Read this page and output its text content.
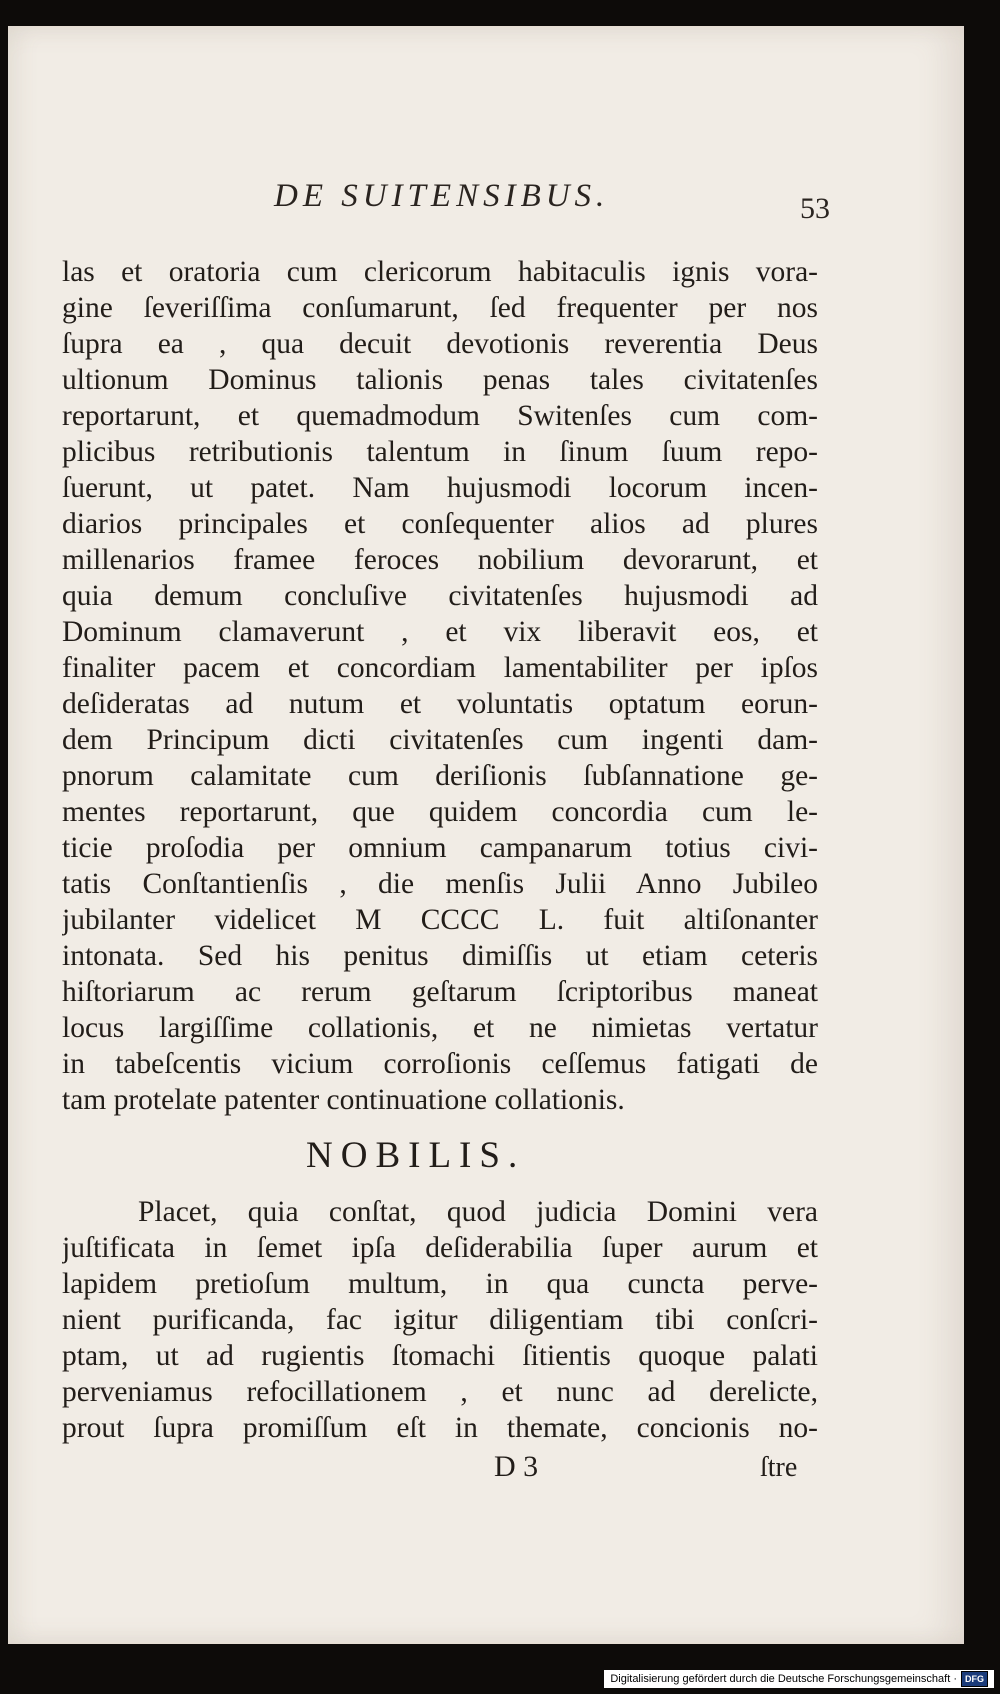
DE SUITENSIBUS.	53
las et oratoria cum clericorum habitaculis ignis vora-
gine ſeveriſſima conſumarunt, ſed frequenter per nos
ſupra ea , qua decuit devotionis reverentia Deus
ultionum Dominus talionis penas tales civitatenſes
reportarunt, et quemadmodum Switenſes cum com-
plicibus retributionis talentum in ſinum ſuum repo-
ſuerunt, ut patet. Nam hujusmodi locorum incen-
diarios principales et conſequenter alios ad plures
millenarios framee feroces nobilium devorarunt, et
quia demum concluſive civitatenſes hujusmodi ad
Dominum clamaverunt , et vix liberavit eos, et
finaliter pacem et concordiam lamentabiliter per ipſos
deſideratas ad nutum et voluntatis optatum eorun-
dem Principum dicti civitatenſes cum ingenti dam-
pnorum calamitate cum deriſionis ſubſannatione ge-
mentes reportarunt, que quidem concordia cum le-
ticie proſodia per omnium campanarum totius civi-
tatis Conſtantienſis , die menſis Julii Anno Jubileo
jubilanter videlicet M CCCC L. fuit altiſonanter
intonata. Sed his penitus dimiſſis ut etiam ceteris
hiſtoriarum ac rerum geſtarum ſcriptoribus maneat
locus largiſſime collationis, et ne nimietas vertatur
in tabeſcentis vicium corroſionis ceſſemus fatigati de
tam protelate patenter continuatione collationis.
NOBILIS.
Placet, quia conſtat, quod judicia Domini vera
juſtificata in ſemet ipſa deſiderabilia ſuper aurum et
lapidem pretioſum multum, in qua cuncta perve-
nient purificanda, fac igitur diligentiam tibi conſcri-
ptam, ut ad rugientis ſtomachi ſitientis quoque palati
perveniamus refocillationem , et nunc ad derelicte,
prout ſupra promiſſum eſt in themate, concionis no-
D 3	ſtre
Digitalisierung gefördert durch die Deutsche Forschungsgemeinschaft · DFG
